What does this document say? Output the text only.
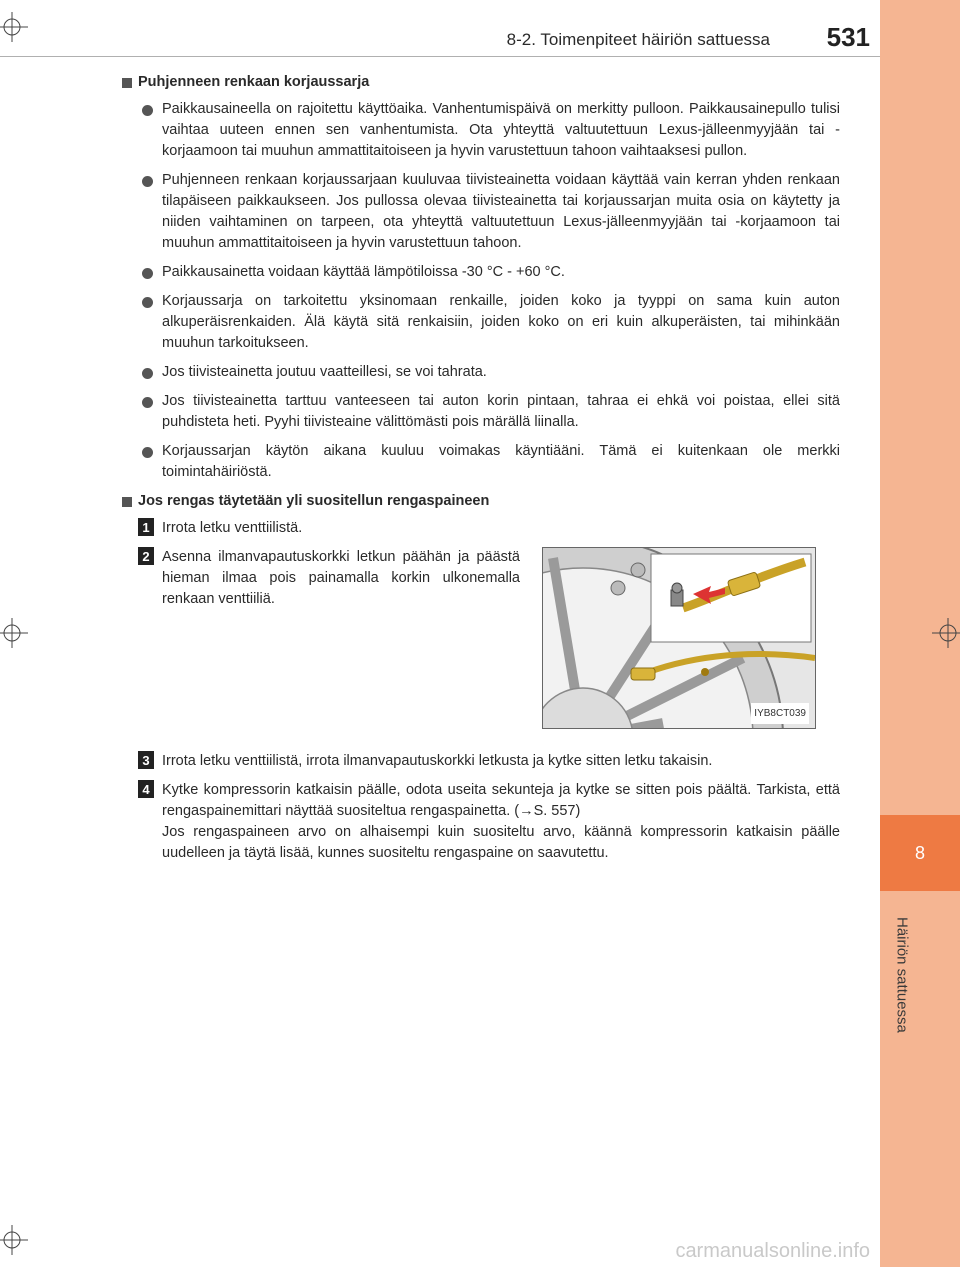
8
Häiriön sattuessa
8-2. Toimenpiteet häiriön sattuessa	531
Puhjenneen renkaan korjaussarja
Paikkausaineella on rajoitettu käyttöaika. Vanhentumispäivä on merkitty pulloon. Paikkausainepullo tulisi vaihtaa uuteen ennen sen vanhentumista. Ota yhteyttä valtuutettuun Lexus-jälleenmyyjään tai -korjaamoon tai muuhun ammattitaitoiseen ja hyvin varustettuun tahoon vaihtaaksesi pullon.
Puhjenneen renkaan korjaussarjaan kuuluvaa tiivisteainetta voidaan käyttää vain kerran yhden renkaan tilapäiseen paikkaukseen. Jos pullossa olevaa tiivisteainetta tai korjaussarjan muita osia on käytetty ja niiden vaihtaminen on tarpeen, ota yhteyttä valtuutettuun Lexus-jälleenmyyjään tai -korjaamoon tai muuhun ammattitaitoiseen ja hyvin varustettuun tahoon.
Paikkausainetta voidaan käyttää lämpötiloissa -30 °C - +60 °C.
Korjaussarja on tarkoitettu yksinomaan renkaille, joiden koko ja tyyppi on sama kuin auton alkuperäisrenkaiden. Älä käytä sitä renkaisiin, joiden koko on eri kuin alkuperäisten, tai mihinkään muuhun tarkoitukseen.
Jos tiivisteainetta joutuu vaatteillesi, se voi tahrata.
Jos tiivisteainetta tarttuu vanteeseen tai auton korin pintaan, tahraa ei ehkä voi poistaa, ellei sitä puhdisteta heti. Pyyhi tiivisteaine välittömästi pois märällä liinalla.
Korjaussarjan käytön aikana kuuluu voimakas käyntiääni. Tämä ei kuitenkaan ole merkki toimintahäiriöstä.
Jos rengas täytetään yli suositellun rengaspaineen
1 Irrota letku venttiilistä.
2 Asenna ilmanvapautuskorkki letkun päähän ja päästä hieman ilmaa pois painamalla korkin ulkonemalla renkaan venttiiliä.
IYB8CT039
3 Irrota letku venttiilistä, irrota ilmanvapautuskorkki letkusta ja kytke sitten letku takaisin.
4 Kytke kompressorin katkaisin päälle, odota useita sekunteja ja kytke se sitten pois päältä. Tarkista, että rengaspainemittari näyttää suositeltua rengaspainetta. (→S. 557)
Jos rengaspaineen arvo on alhaisempi kuin suositeltu arvo, käännä kompressorin katkaisin päälle uudelleen ja täytä lisää, kunnes suositeltu rengaspaine on saavutettu.
carmanualsonline.info
